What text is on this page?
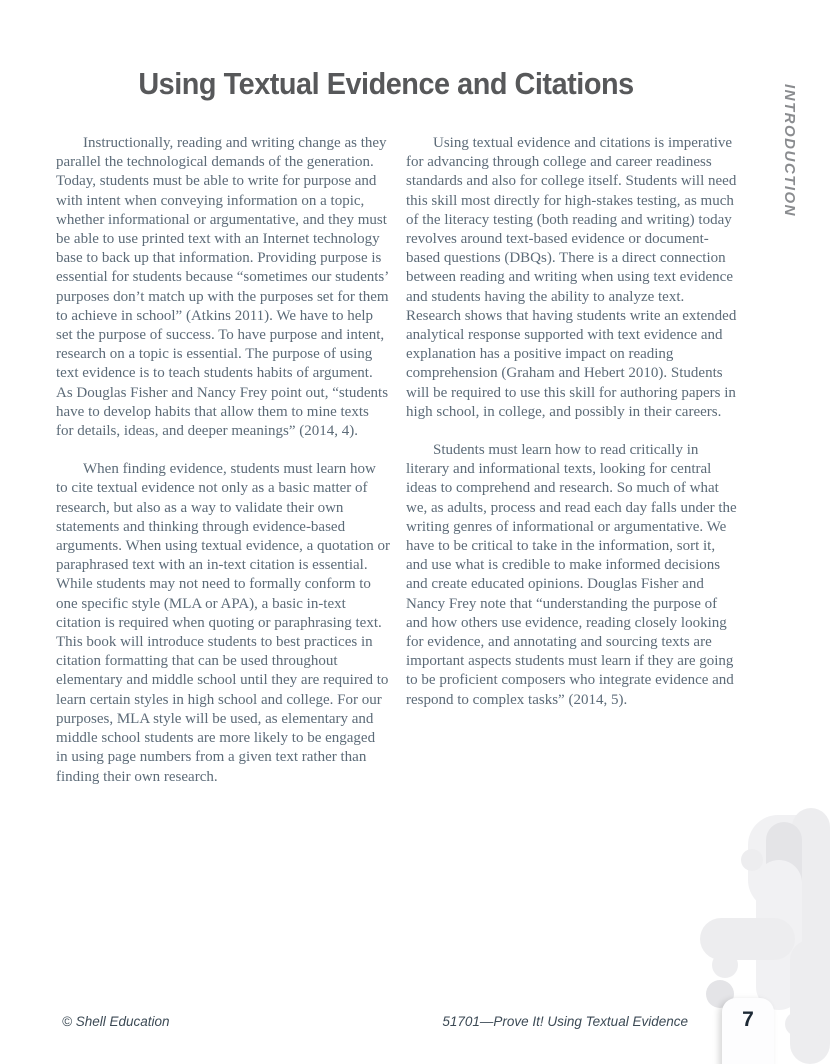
Using Textual Evidence and Citations
INTRODUCTION

Instructionally, reading and writing change as they parallel the technological demands of the generation. Today, students must be able to write for purpose and with intent when conveying information on a topic, whether informational or argumentative, and they must be able to use printed text with an Internet technology base to back up that information. Providing purpose is essential for students because “sometimes our students’ purposes don’t match up with the purposes set for them to achieve in school” (Atkins 2011). We have to help set the purpose of success. To have purpose and intent, research on a topic is essential. The purpose of using text evidence is to teach students habits of argument. As Douglas Fisher and Nancy Frey point out, “students have to develop habits that allow them to mine texts for details, ideas, and deeper meanings” (2014, 4).

When finding evidence, students must learn how to cite textual evidence not only as a basic matter of research, but also as a way to validate their own statements and thinking through evidence-based arguments. When using textual evidence, a quotation or paraphrased text with an in-text citation is essential. While students may not need to formally conform to one specific style (MLA or APA), a basic in-text citation is required when quoting or paraphrasing text. This book will introduce students to best practices in citation formatting that can be used throughout elementary and middle school until they are required to learn certain styles in high school and college. For our purposes, MLA style will be used, as elementary and middle school students are more likely to be engaged in using page numbers from a given text rather than finding their own research.

Using textual evidence and citations is imperative for advancing through college and career readiness standards and also for college itself. Students will need this skill most directly for high-stakes testing, as much of the literacy testing (both reading and writing) today revolves around text-based evidence or document-based questions (DBQs). There is a direct connection between reading and writing when using text evidence and students having the ability to analyze text. Research shows that having students write an extended analytical response supported with text evidence and explanation has a positive impact on reading comprehension (Graham and Hebert 2010). Students will be required to use this skill for authoring papers in high school, in college, and possibly in their careers.

Students must learn how to read critically in literary and informational texts, looking for central ideas to comprehend and research. So much of what we, as adults, process and read each day falls under the writing genres of informational or argumentative. We have to be critical to take in the information, sort it, and use what is credible to make informed decisions and create educated opinions. Douglas Fisher and Nancy Frey note that “understanding the purpose of and how others use evidence, reading closely looking for evidence, and annotating and sourcing texts are important aspects students must learn if they are going to be proficient composers who integrate evidence and respond to complex tasks” (2014, 5).

© Shell Education	51701—Prove It! Using Textual Evidence	7
